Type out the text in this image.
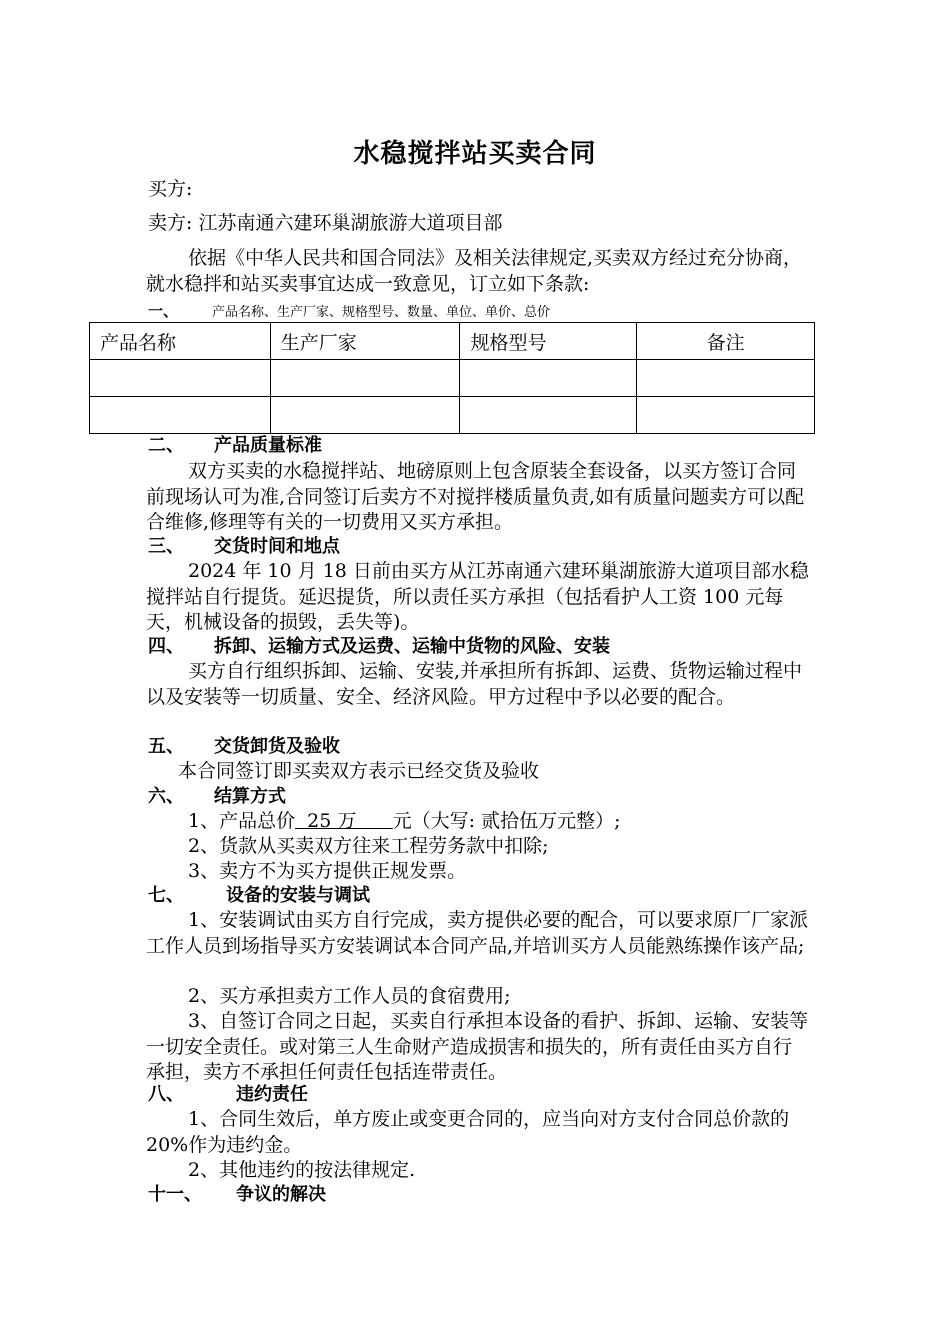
水稳搅拌站买卖合同
买方:
卖方: 江苏南通六建环巢湖旅游大道项目部
依据《中华人民共和国合同法》及相关法律规定,买卖双方经过充分协商，就水稳拌和站买卖事宜达成一致意见，订立如下条款:
一、	产品名称、生产厂家、规格型号、数量、单位、单价、总价
产品名称	生产厂家	规格型号	备注

二、 产品质量标准
双方买卖的水稳搅拌站、地磅原则上包含原装全套设备，以买方签订合同前现场认可为准,合同签订后卖方不对搅拌楼质量负责,如有质量问题卖方可以配合维修,修理等有关的一切费用又买方承担。
三、 交货时间和地点
2024 年 10 月 18 日前由买方从江苏南通六建环巢湖旅游大道项目部水稳搅拌站自行提货。延迟提货，所以责任买方承担（包括看护人工资 100 元每天，机械设备的损毁，丢失等)。
四、 拆卸、运输方式及运费、运输中货物的风险、安装
买方自行组织拆卸、运输、安装,并承担所有拆卸、运费、货物运输过程中以及安装等一切质量、安全、经济风险。甲方过程中予以必要的配合。
五、 交货卸货及验收
本合同签订即买卖双方表示已经交货及验收
六、 结算方式
1、产品总价  25 万      元（大写: 贰拾伍万元整）;
2、货款从买卖双方往来工程劳务款中扣除;
3、卖方不为买方提供正规发票。
七、 设备的安装与调试
1、安装调试由买方自行完成，卖方提供必要的配合，可以要求原厂厂家派工作人员到场指导买方安装调试本合同产品,并培训买方人员能熟练操作该产品;
2、买方承担卖方工作人员的食宿费用;
3、自签订合同之日起，买卖自行承担本设备的看护、拆卸、运输、安装等一切安全责任。或对第三人生命财产造成损害和损失的，所有责任由买方自行承担，卖方不承担任何责任包括连带责任。
八、	违约责任
1、合同生效后，单方废止或变更合同的，应当向对方支付合同总价款的 20%作为违约金。
2、其他违约的按法律规定.
十一、 争议的解决
